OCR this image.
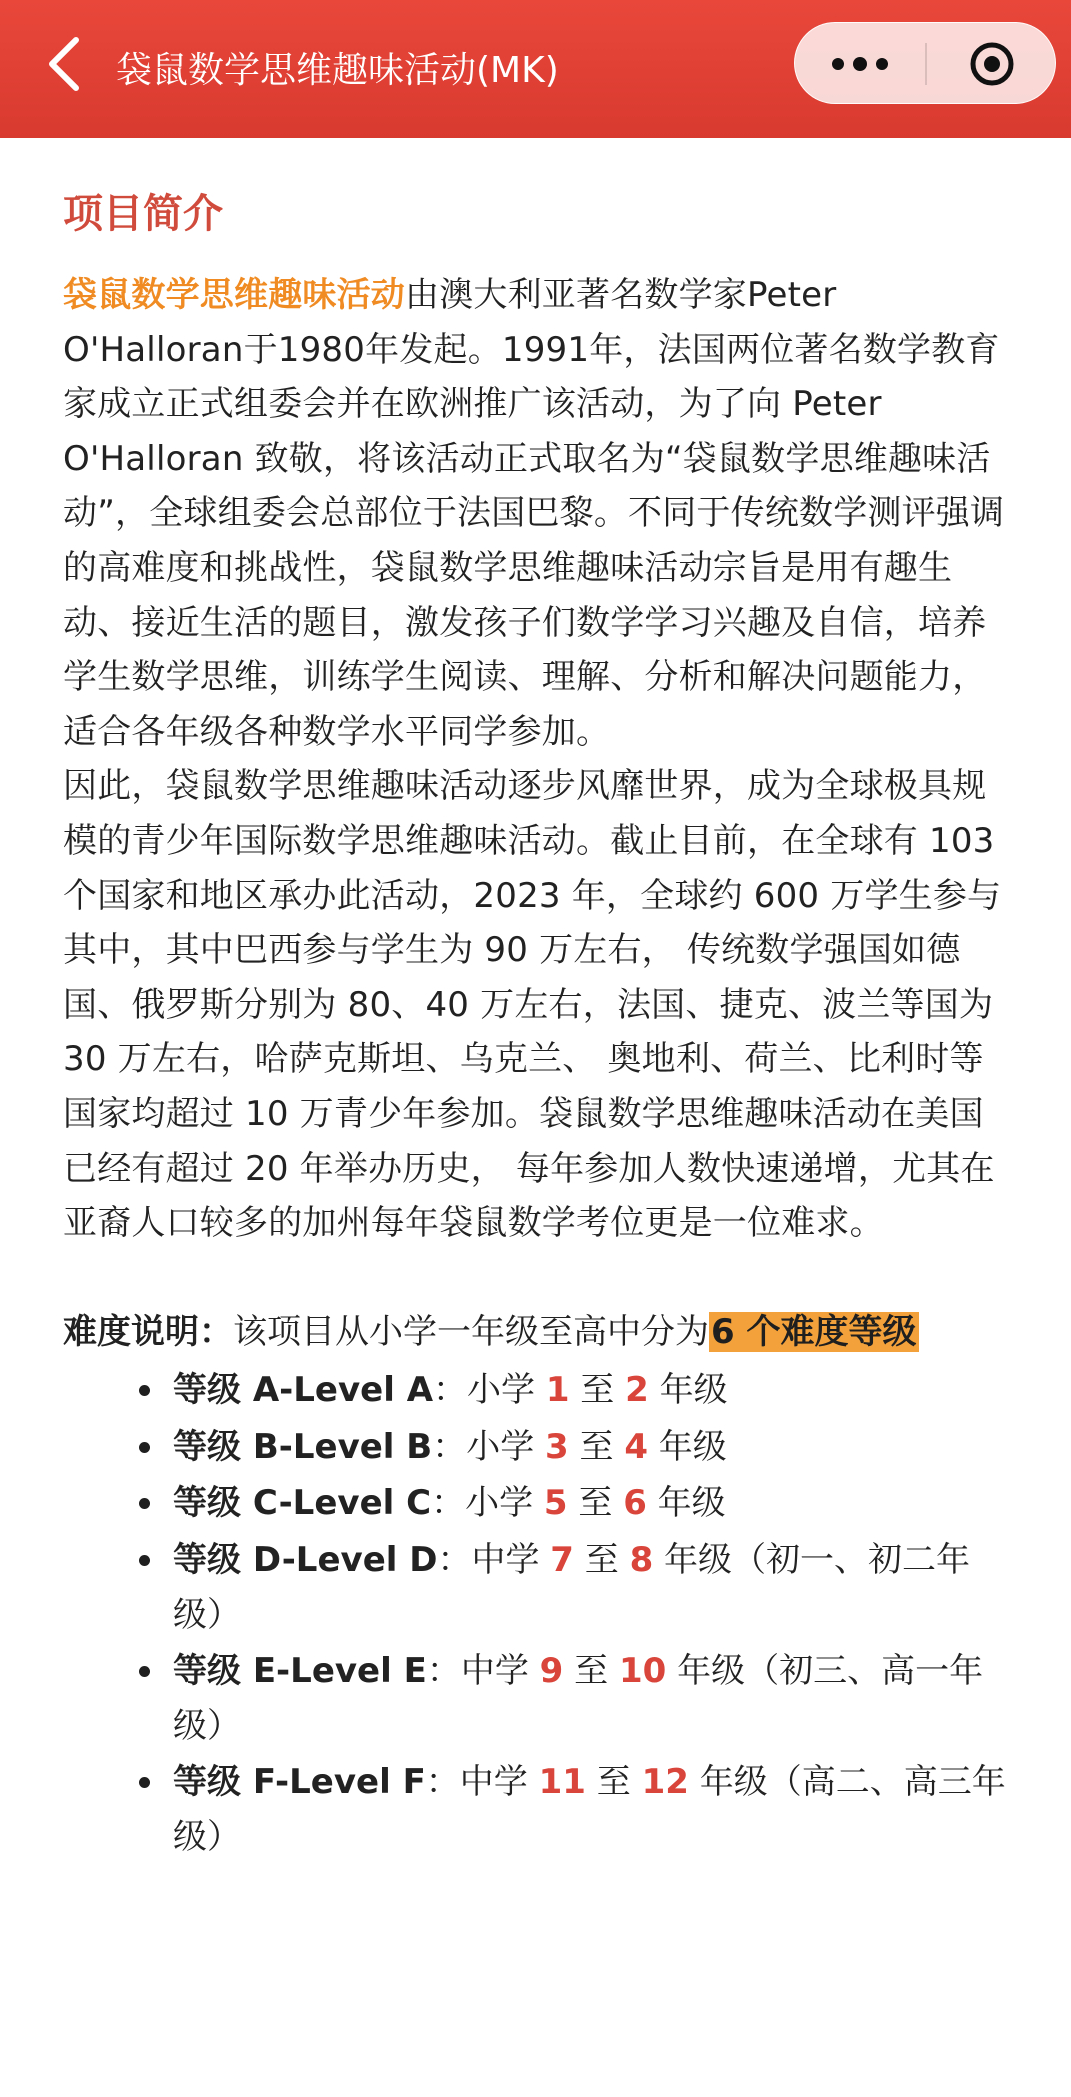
袋鼠数学思维趣味活动(MK)
项目简介

袋鼠数学思维趣味活动由澳大利亚著名数学家Peter O'Halloran于1980年发起。1991年，法国两位著名数学教育家成立正式组委会并在欧洲推广该活动，为了向 Peter O'Halloran 致敬，将该活动正式取名为“袋鼠数学思维趣味活动”，全球组委会总部位于法国巴黎。不同于传统数学测评强调的高难度和挑战性，袋鼠数学思维趣味活动宗旨是用有趣生动、接近生活的题目，激发孩子们数学学习兴趣及自信，培养学生数学思维，训练学生阅读、理解、分析和解决问题能力，适合各年级各种数学水平同学参加。

因此，袋鼠数学思维趣味活动逐步风靡世界，成为全球极具规模的青少年国际数学思维趣味活动。截止目前，在全球有 103 个国家和地区承办此活动，2023 年，全球约 600 万学生参与其中，其中巴西参与学生为 90 万左右， 传统数学强国如德国、俄罗斯分别为 80、40 万左右，法国、捷克、波兰等国为 30 万左右，哈萨克斯坦、乌克兰、 奥地利、荷兰、比利时等国家均超过 10 万青少年参加。袋鼠数学思维趣味活动在美国已经有超过 20 年举办历史， 每年参加人数快速递增，尤其在亚裔人口较多的加州每年袋鼠数学考位更是一位难求。

难度说明：该项目从小学一年级至高中分为6 个难度等级
等级 A-Level A：小学 1 至 2 年级
等级 B-Level B：小学 3 至 4 年级
等级 C-Level C：小学 5 至 6 年级
等级 D-Level D：中学 7 至 8 年级（初一、初二年级）
等级 E-Level E：中学 9 至 10 年级（初三、高一年级）
等级 F-Level F：中学 11 至 12 年级（高二、高三年级）
